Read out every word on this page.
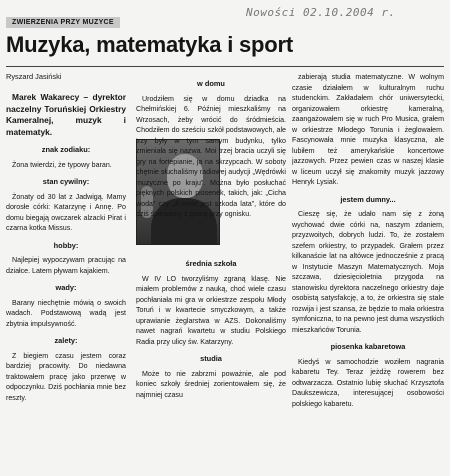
Nowości 02.10.2004 r.
ZWIERZENIA PRZY MUZYCE
Muzyka, matematyka i sport
Ryszard Jasiński

Marek Wakarecy – dyrektor naczelny Toruńskiej Orkiestry Kameralnej, muzyk i matematyk.

znak zodiaku:

Żona twierdzi, że typowy baran.

stan cywilny:

Żonaty od 30 lat z Jadwigą. Mamy dorosłe córki: Katarzynę i Annę. Po domu biegają owczarek alzacki Pirat i czarna kotka Missus.

hobby:

Najlepiej wypoczywam pracując na działce. Latem pływam kajakiem.

wady:

Barany niechętnie mówią o swoich wadach. Podstawową wadą jest zbytnia impulsywność.

zalety:

Z biegiem czasu jestem coraz bardziej pracowity. Do niedawna traktowałem pracę jako przerwę w odpoczynku. Dziś pochłania mnie bez reszty.

w domu

Urodziłem się w domu dziadka na Chełmińskiej 6. Później mieszkaliśmy na Wrzosach, żeby wrócić do śródmieścia. Chodziłem do sześciu szkół podstawowych, ale trzy były w tym samym budynku, tylko zmieniała się nazwa. Moi trzej bracia uczyli się gry na fortepianie, ja na skrzypcach. W soboty chętnie słuchaliśmy radiowej audycji „Wędrówki muzyczne po kraju”. Można było posłuchać pięknych polskich piosenek, takich, jak: „Cicha woda” czy „A mnie jest szkoda lata”, które do dziś śpiewamy z gitarą przy ognisku.

średnia szkoła

W IV LO tworzyliśmy zgraną klasę. Nie miałem problemów z nauką, choć wiele czasu pochłaniała mi gra w orkiestrze zespołu Młody Toruń i w kwartecie smyczkowym, a także uprawianie żeglarstwa w AZS. Dokonaliśmy nawet nagrań kwartetu w studiu Polskiego Radia przy ulicy św. Katarzyny.

studia

Może to nie zabrzmi poważnie, ale pod koniec szkoły średniej zorientowałem się, że najmniej czasu

zabierają studia matematyczne. W wolnym czasie działałem w kulturalnym ruchu studenckim. Zakładałem chór uniwersytecki, organizowałem orkiestrę kameralną, zaangażowałem się w ruch Pro Musica, grałem w orkiestrze Młodego Torunia i żeglowałem. Fascynowała mnie muzyka klasyczna, ale lubiłem też amerykańskie koncertowe jazzowych. Przez pewien czas w naszej klasie w liceum uczył się znakomity muzyk jazzowy Henryk Lysiak.

jestem dumny...

Cieszę się, że udało nam się z żoną wychować dwie córki na, naszym zdaniem, przyzwoitych, dobrych ludzi. To, że zostałem szefem orkiestry, to przypadek. Grałem przez kilkanaście lat na altówce jednocześnie z pracą w Instytucie Maszyn Matematycznych. Moja szczawa, dziesięcioletnia przygoda na stanowisku dyrektora naczelnego orkiestry daje osobistą satysfakcję, a to, że orkiestra się stale rozwija i jest szansa, że będzie to mała orkiestra symfoniczna, to na pewno jest duma wszystkich mieszkańców Torunia.

piosenka kabaretowa

Kiedyś w samochodzie woziłem nagrania kabaretu Tey. Teraz jeżdżę rowerem bez odtwarzacza. Ostatnio lubię słuchać Krzysztofa Daukszewicza, interesującej osobowości polskiego kabaretu.
